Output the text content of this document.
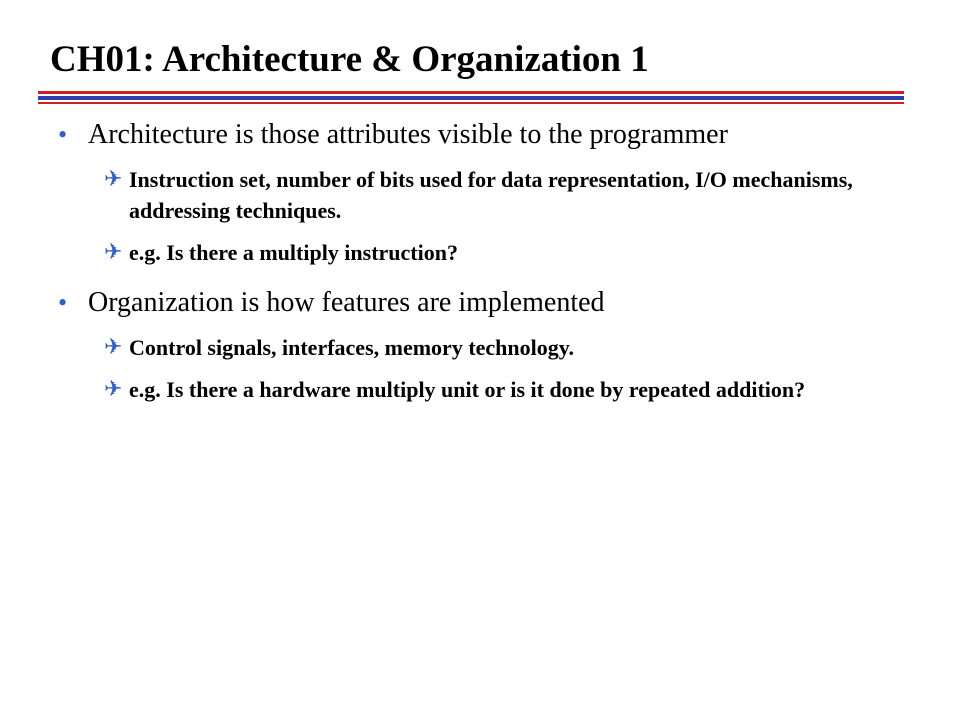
CH01: Architecture & Organization 1
• Architecture is those attributes visible to the programmer
✈ Instruction set, number of bits used for data representation, I/O mechanisms, addressing techniques.
✈ e.g. Is there a multiply instruction?
• Organization is how features are implemented
✈ Control signals, interfaces, memory technology.
✈ e.g. Is there a hardware multiply unit or is it done by repeated addition?
